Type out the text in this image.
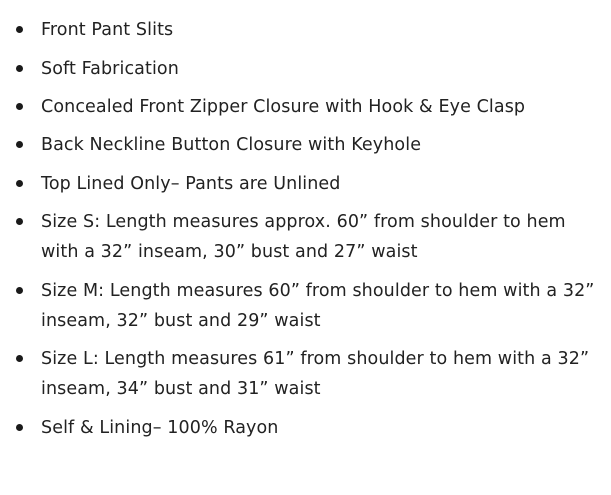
Front Pant Slits
Soft Fabrication
Concealed Front Zipper Closure with Hook & Eye Clasp
Back Neckline Button Closure with Keyhole
Top Lined Only– Pants are Unlined
Size S: Length measures approx. 60” from shoulder to hem with a 32” inseam, 30” bust and 27” waist
Size M: Length measures 60” from shoulder to hem with a 32” inseam, 32” bust and 29” waist
Size L: Length measures 61” from shoulder to hem with a 32” inseam, 34” bust and 31” waist
Self & Lining– 100% Rayon
